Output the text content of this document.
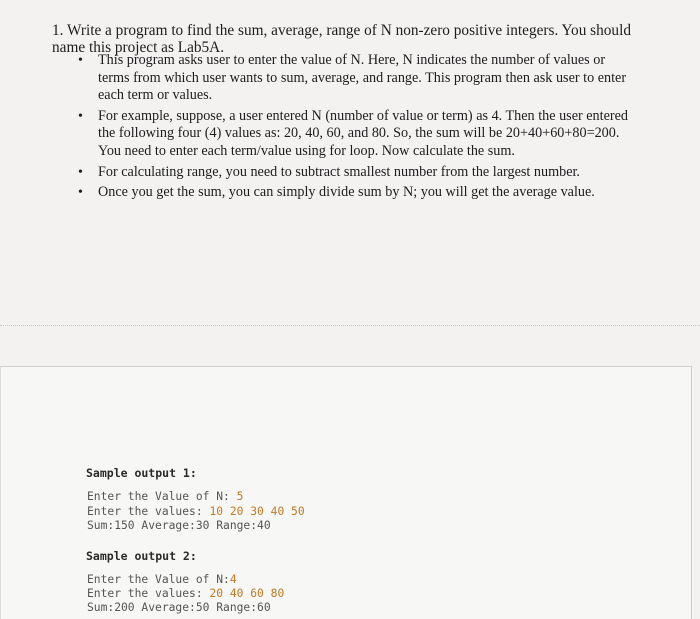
1. Write a program to find the sum, average, range of N non-zero positive integers. You should name this project as Lab5A.

• This program asks user to enter the value of N. Here, N indicates the number of values or terms from which user wants to sum, average, and range. This program then ask user to enter each term or values.
• For example, suppose, a user entered N (number of value or term) as 4. Then the user entered the following four (4) values as: 20, 40, 60, and 80. So, the sum will be 20+40+60+80=200. You need to enter each term/value using for loop. Now calculate the sum.
• For calculating range, you need to subtract smallest number from the largest number.
• Once you get the sum, you can simply divide sum by N; you will get the average value.
Sample output 1:
Enter the Value of N: 5
Enter the values: 10 20 30 40 50
Sum:150 Average:30 Range:40
Sample output 2:
Enter the Value of N:4
Enter the values: 20 40 60 80
Sum:200 Average:50 Range:60
